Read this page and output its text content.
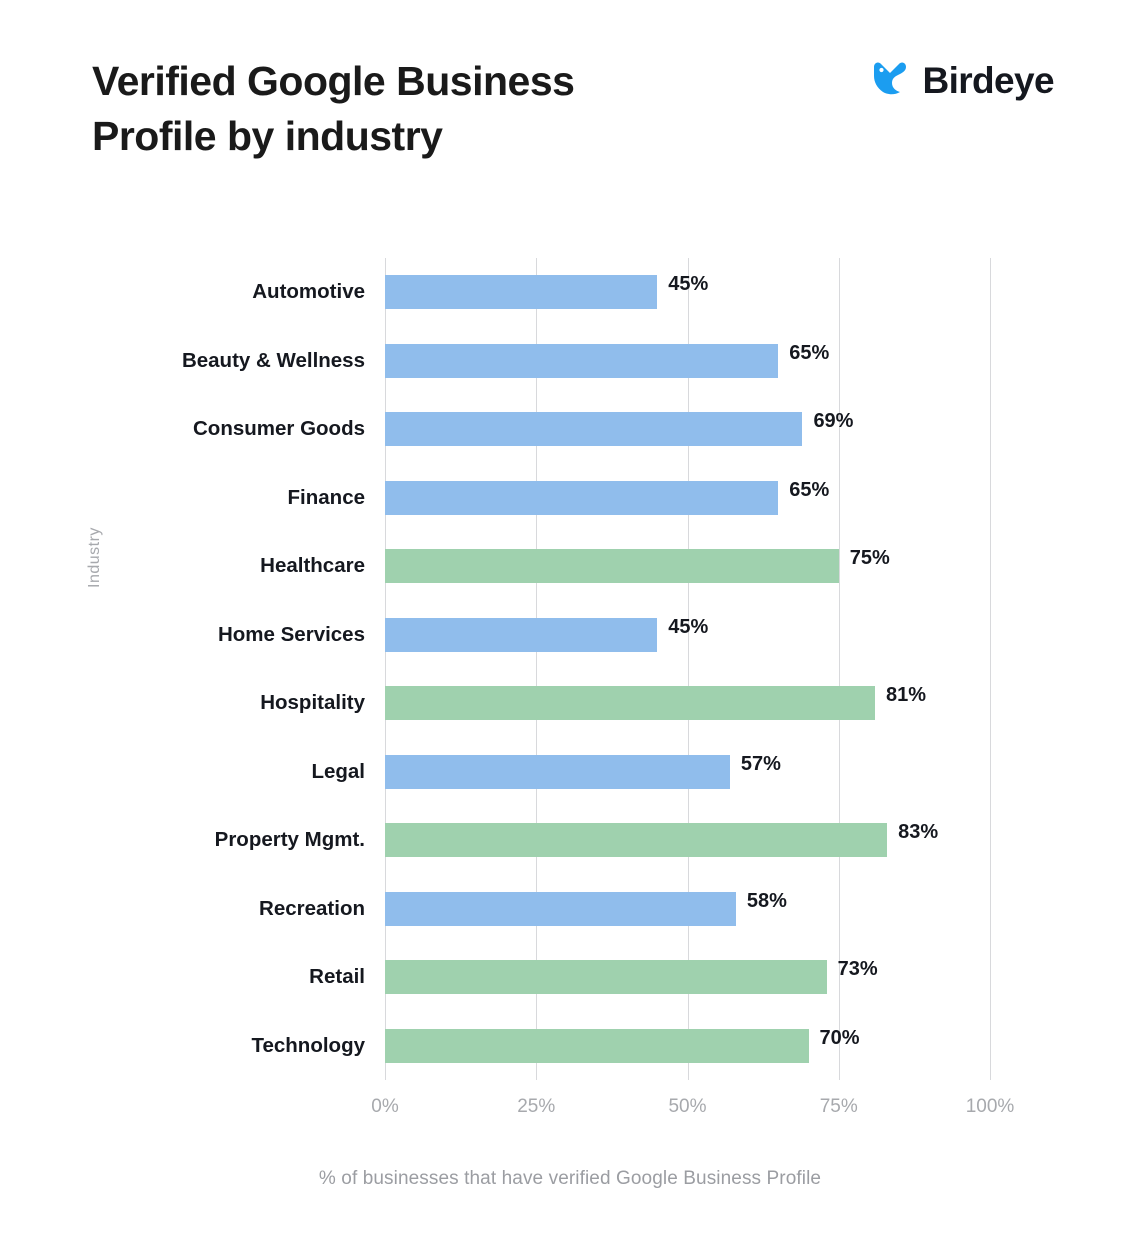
Verified Google Business Profile by industry
Birdeye
Industry
45%
65%
69%
65%
75%
45%
81%
57%
83%
58%
73%
70%
% of businesses that have verified Google Business Profile
0%	25%	50%	75%	100%
Automotive
Beauty & Wellness
Consumer Goods
Finance
Healthcare
Home Services
Hospitality
Legal
Property Mgmt.
Recreation
Retail
Technology
